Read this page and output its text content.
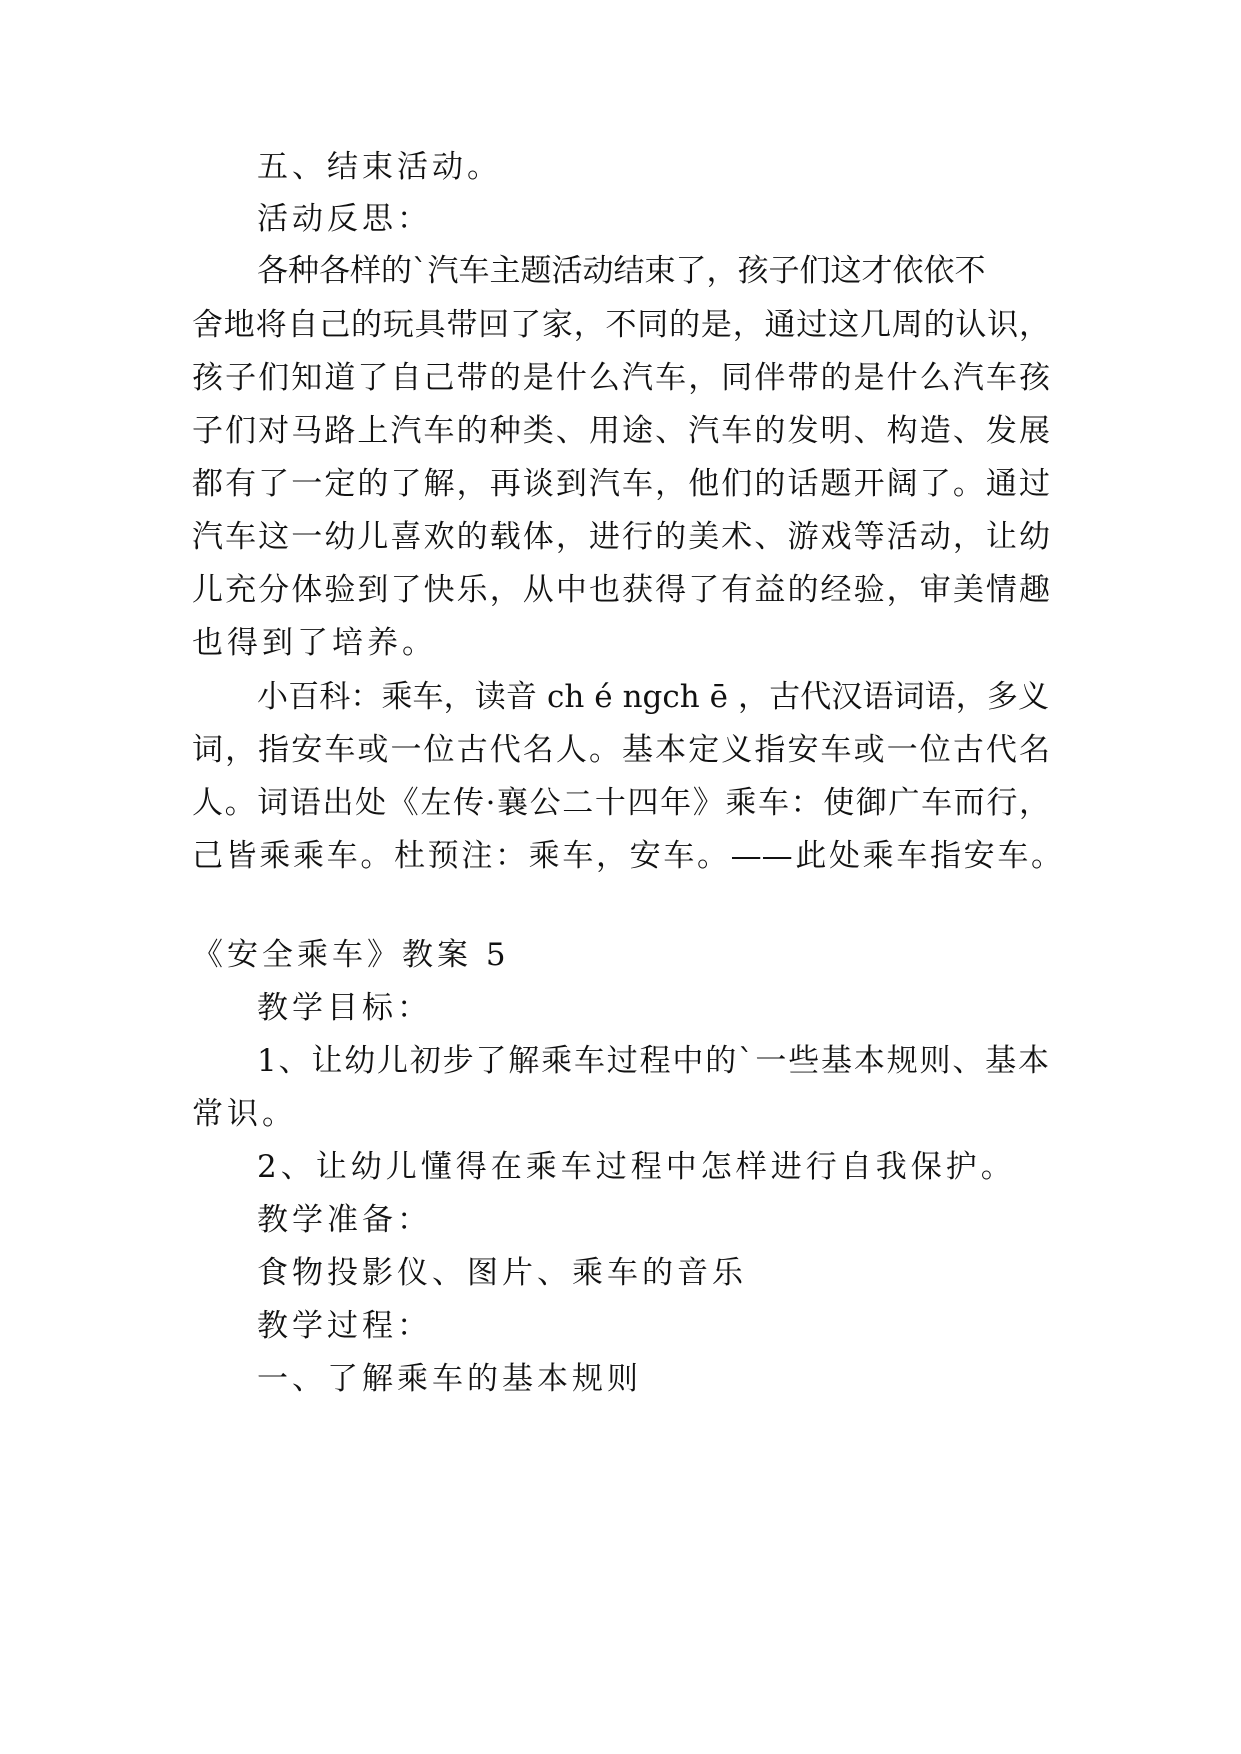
五、结束活动。
活动反思：
各种各样的`汽车主题活动结束了，孩子们这才依依不
舍地将自己的玩具带回了家，不同的是，通过这几周的认识，
孩子们知道了自己带的是什么汽车，同伴带的是什么汽车孩
子们对马路上汽车的种类、用途、汽车的发明、构造、发展
都有了一定的了解，再谈到汽车，他们的话题开阔了。通过
汽车这一幼儿喜欢的载体，进行的美术、游戏等活动，让幼
儿充分体验到了快乐，从中也获得了有益的经验，审美情趣
也得到了培养。
小百科：乘车，读音 ch é ngch ē ，古代汉语词语，多义
词，指安车或一位古代名人。基本定义指安车或一位古代名
人。词语出处《左传·襄公二十四年》乘车：使御广车而行，
己皆乘乘车。杜预注：乘车，安车。——此处乘车指安车。
《安全乘车》教案 5
教学目标：
1、让幼儿初步了解乘车过程中的`一些基本规则、基本
常识。
2、让幼儿懂得在乘车过程中怎样进行自我保护。
教学准备：
食物投影仪、图片、乘车的音乐
教学过程：
一、了解乘车的基本规则
